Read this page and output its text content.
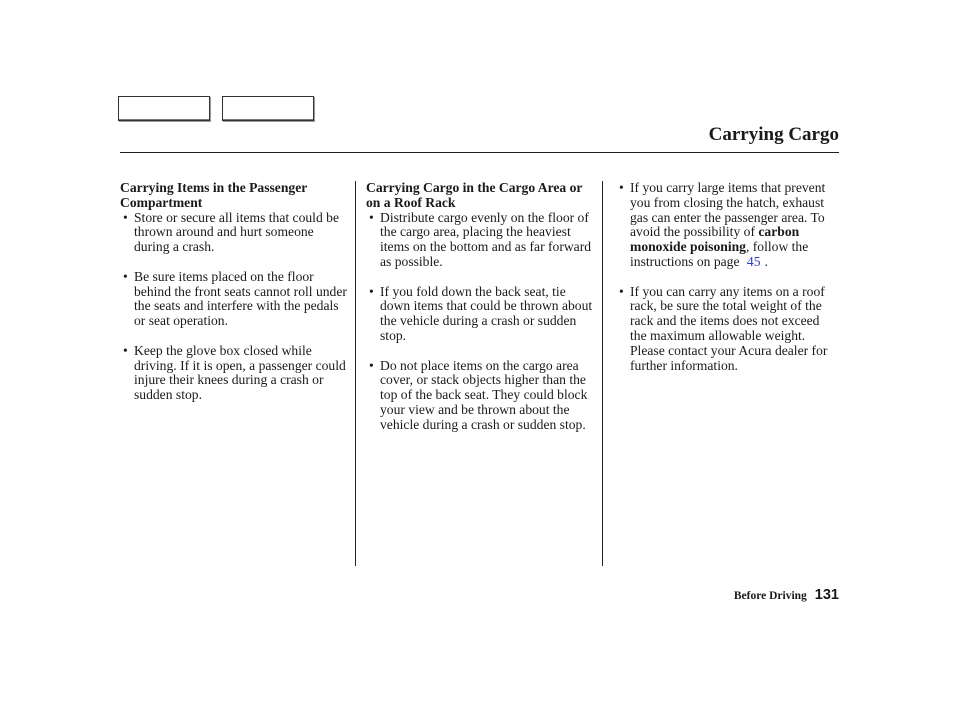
Carrying Cargo
Carrying Items in the Passenger Compartment
• Store or secure all items that could be thrown around and hurt someone during a crash.
• Be sure items placed on the floor behind the front seats cannot roll under the seats and interfere with the pedals or seat operation.
• Keep the glove box closed while driving. If it is open, a passenger could injure their knees during a crash or sudden stop.
Carrying Cargo in the Cargo Area or on a Roof Rack
• Distribute cargo evenly on the floor of the cargo area, placing the heaviest items on the bottom and as far forward as possible.
• If you fold down the back seat, tie down items that could be thrown about the vehicle during a crash or sudden stop.
• Do not place items on the cargo area cover, or stack objects higher than the top of the back seat. They could block your view and be thrown about the vehicle during a crash or sudden stop.
• If you carry large items that prevent you from closing the hatch, exhaust gas can enter the passenger area. To avoid the possibility of carbon monoxide poisoning, follow the instructions on page 45 .
• If you can carry any items on a roof rack, be sure the total weight of the rack and the items does not exceed the maximum allowable weight. Please contact your Acura dealer for further information.
Before Driving 131
